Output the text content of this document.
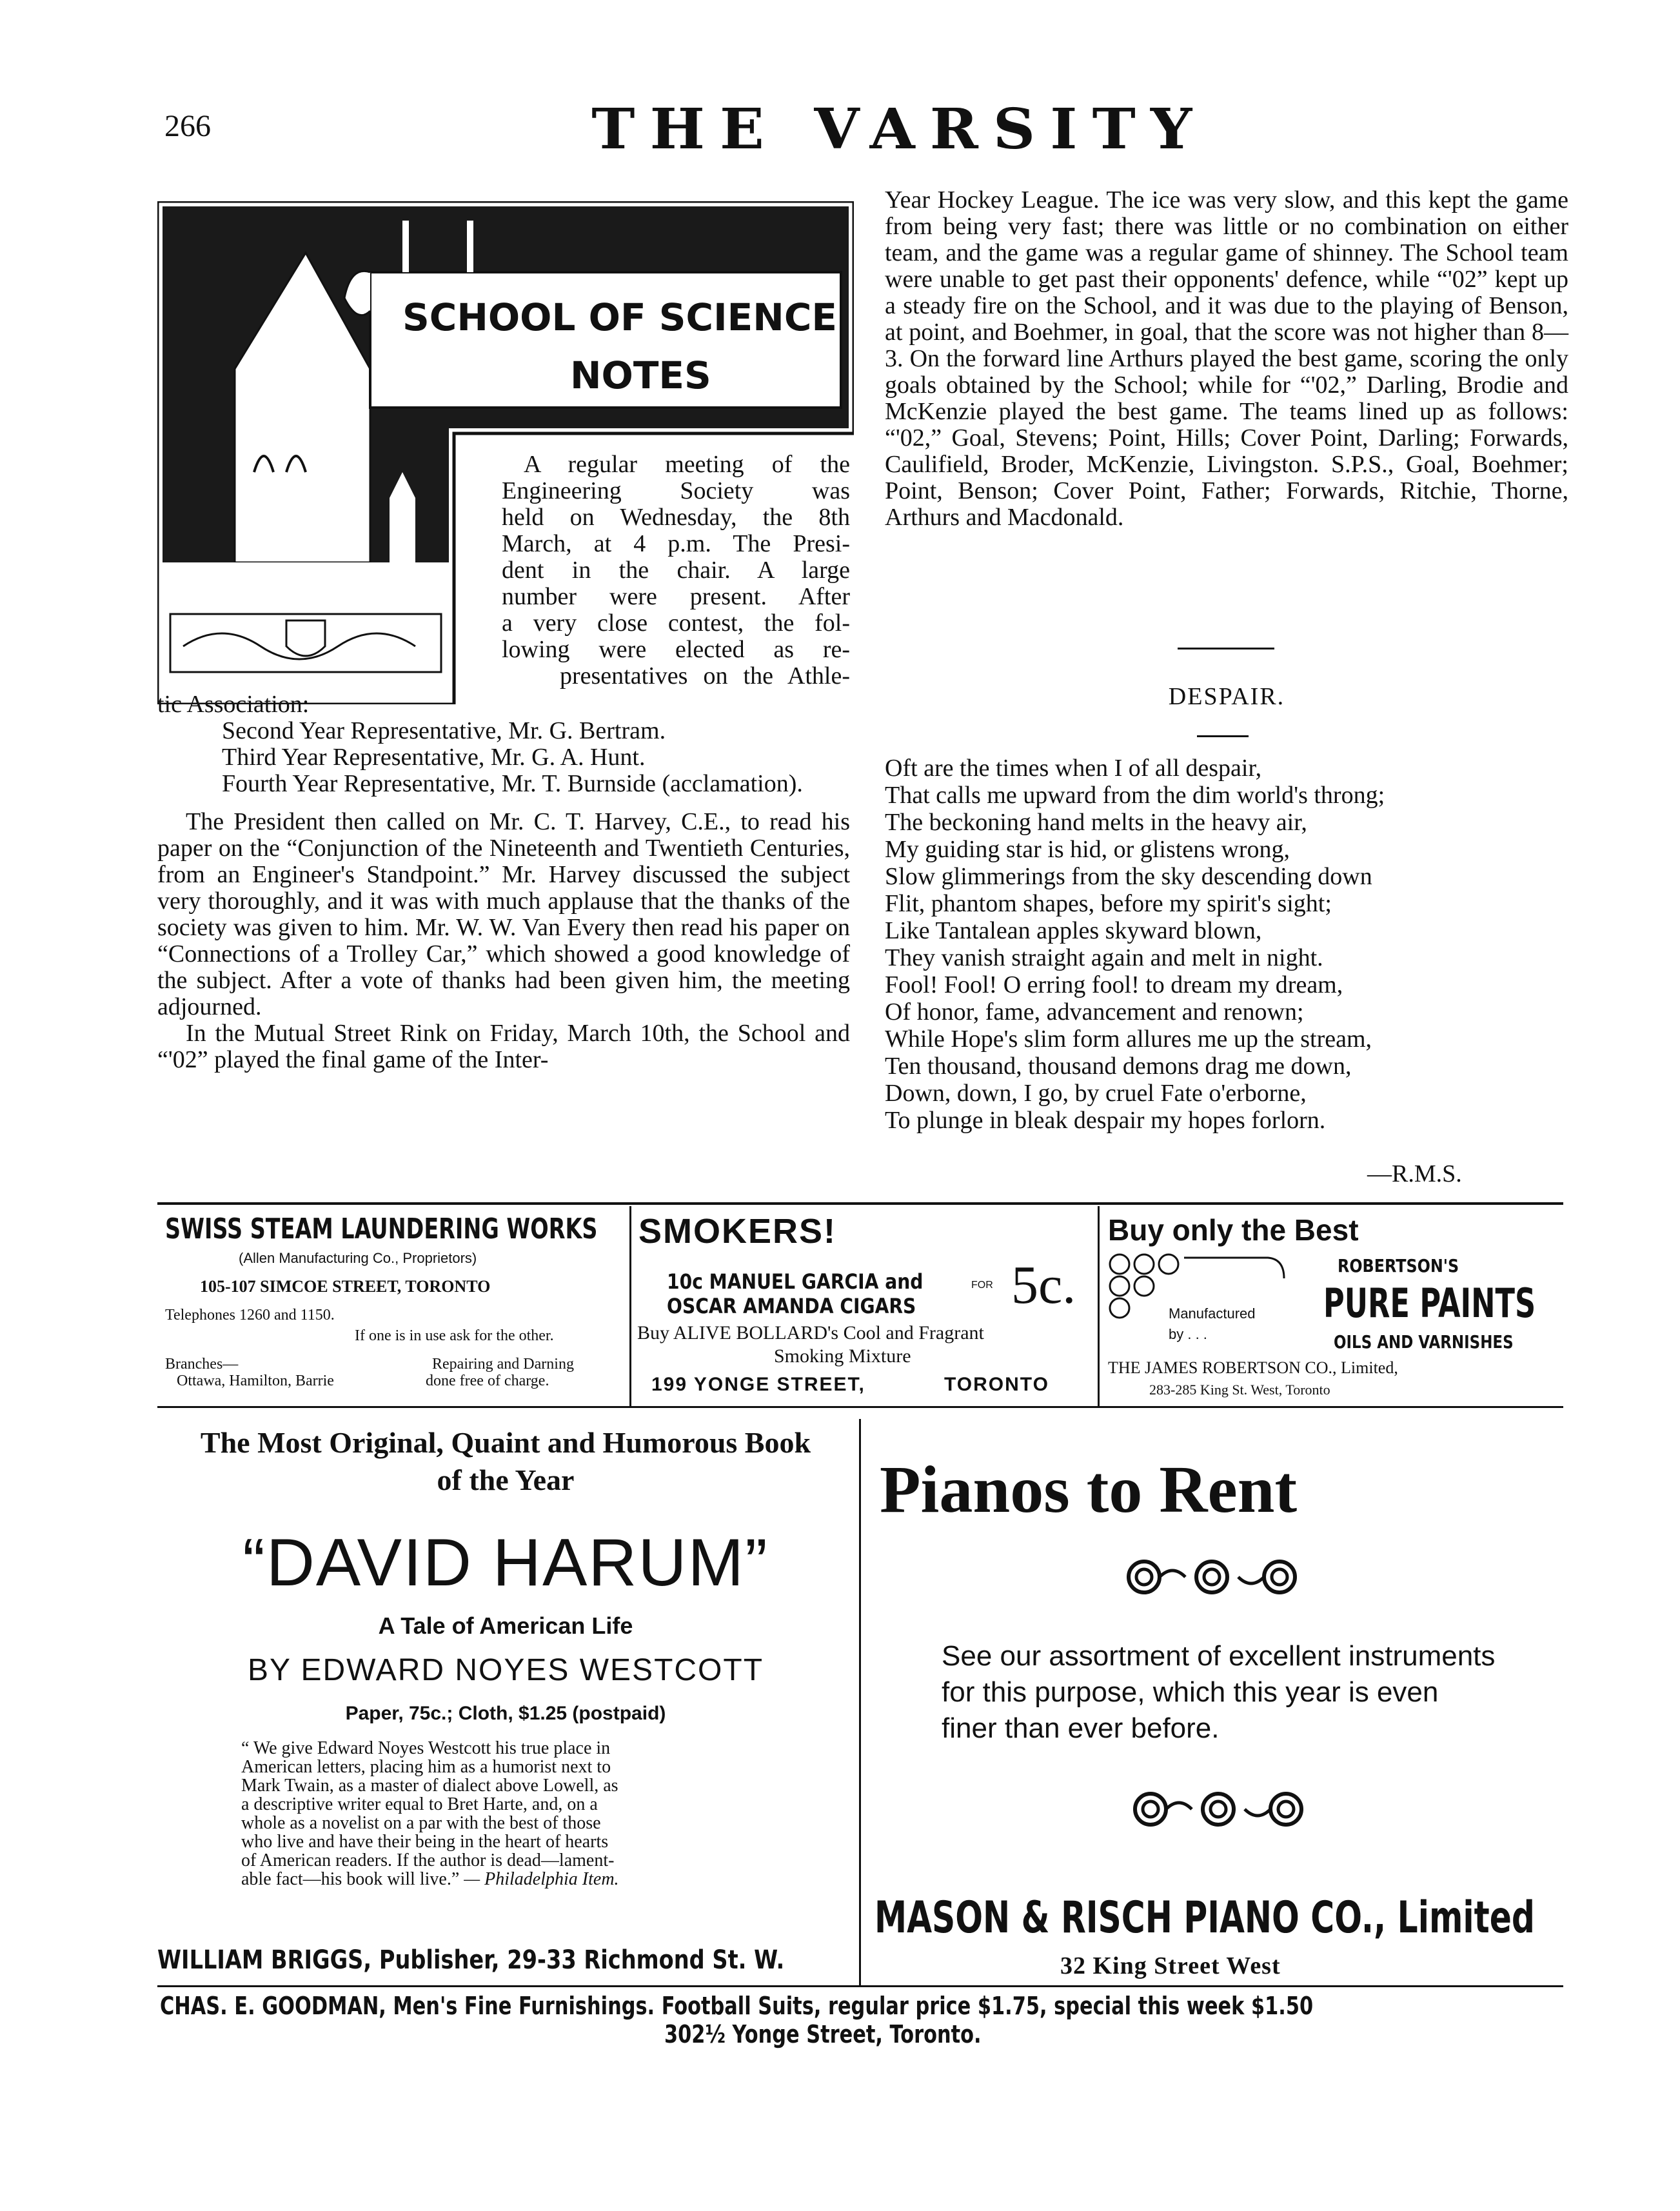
266	THE VARSITY
SCHOOL OF SCIENCE
NOTES
A regular meeting of the
Engineering Society was
held on Wednesday, the 8th
March, at 4 p.m. The Presi-
dent in the chair. A large
number were present. After
a very close contest, the fol-
lowing were elected as re-
presentatives on the Athle-

tic Association:

Second Year Representative, Mr. G. Bertram.

Third Year Representative, Mr. G. A. Hunt.

Fourth Year Representative, Mr. T. Burnside (acclamation).

The President then called on Mr. C. T. Harvey, C.E., to read his paper on the “Conjunction of the Nineteenth and Twentieth Centuries, from an Engineer's Standpoint.” Mr. Harvey discussed the subject very thoroughly, and it was with much applause that the thanks of the society was given to him. Mr. W. W. Van Every then read his paper on “Connections of a Trolley Car,” which showed a good knowledge of the subject. After a vote of thanks had been given him, the meeting adjourned.

In the Mutual Street Rink on Friday, March 10th, the School and “'02” played the final game of the Inter-

Year Hockey League. The ice was very slow, and this kept the game from being very fast; there was little or no combination on either team, and the game was a regular game of shinney. The School team were unable to get past their opponents' defence, while “'02” kept up a steady fire on the School, and it was due to the playing of Benson, at point, and Boehmer, in goal, that the score was not higher than 8—3. On the forward line Arthurs played the best game, scoring the only goals obtained by the School; while for “'02,” Darling, Brodie and McKenzie played the best game. The teams lined up as follows: “'02,” Goal, Stevens; Point, Hills; Cover Point, Darling; Forwards, Caulifield, Broder, McKenzie, Livingston. S.P.S., Goal, Boehmer; Point, Benson; Cover Point, Father; Forwards, Ritchie, Thorne, Arthurs and Macdonald.
DESPAIR.
Oft are the times when I of all despair,
That calls me upward from the dim world's throng;
The beckoning hand melts in the heavy air,
My guiding star is hid, or glistens wrong,
Slow glimmerings from the sky descending down
Flit, phantom shapes, before my spirit's sight;
Like Tantalean apples skyward blown,
They vanish straight again and melt in night.
Fool! Fool! O erring fool! to dream my dream,
Of honor, fame, advancement and renown;
While Hope's slim form allures me up the stream,
Ten thousand, thousand demons drag me down,
Down, down, I go, by cruel Fate o'erborne,
To plunge in bleak despair my hopes forlorn.
—R.M.S.
SWISS STEAM LAUNDERING WORKS
(Allen Manufacturing Co., Proprietors)
105-107 SIMCOE STREET, TORONTO
Telephones 1260 and 1150.
If one is in use ask for the other.
Branches—
Ottawa, Hamilton, Barrie
Repairing and Darning
done free of charge.
SMOKERS!
10c MANUEL GARCIA and
OSCAR AMANDA CIGARS
FOR 5c.
Buy ALIVE BOLLARD's Cool and Fragrant
Smoking Mixture
199 YONGE STREET,	TORONTO
Buy only the Best
ROBERTSON'S
PURE PAINTS
OILS AND VARNISHES
Manufactured
by . . .
THE JAMES ROBERTSON CO., Limited,
283-285 King St. West, Toronto
The Most Original, Quaint and Humorous Book
of the Year
“DAVID HARUM”
A Tale of American Life
BY EDWARD NOYES WESTCOTT
Paper, 75c.; Cloth, $1.25 (postpaid)
“ We give Edward Noyes Westcott his true place in
American letters, placing him as a humorist next to
Mark Twain, as a master of dialect above Lowell, as
a descriptive writer equal to Bret Harte, and, on a
whole as a novelist on a par with the best of those
who live and have their being in the heart of hearts
of American readers. If the author is dead—lament-
able fact—his book will live.” — Philadelphia Item.
WILLIAM BRIGGS, Publisher, 29-33 Richmond St. W.
Pianos to Rent
See our assortment of excellent instruments
for this purpose, which this year is even
finer than ever before.
MASON & RISCH PIANO CO., Limited
32 King Street West
CHAS. E. GOODMAN, Men's Fine Furnishings. Football Suits, regular price $1.75, special this week $1.50
302½ Yonge Street, Toronto.
